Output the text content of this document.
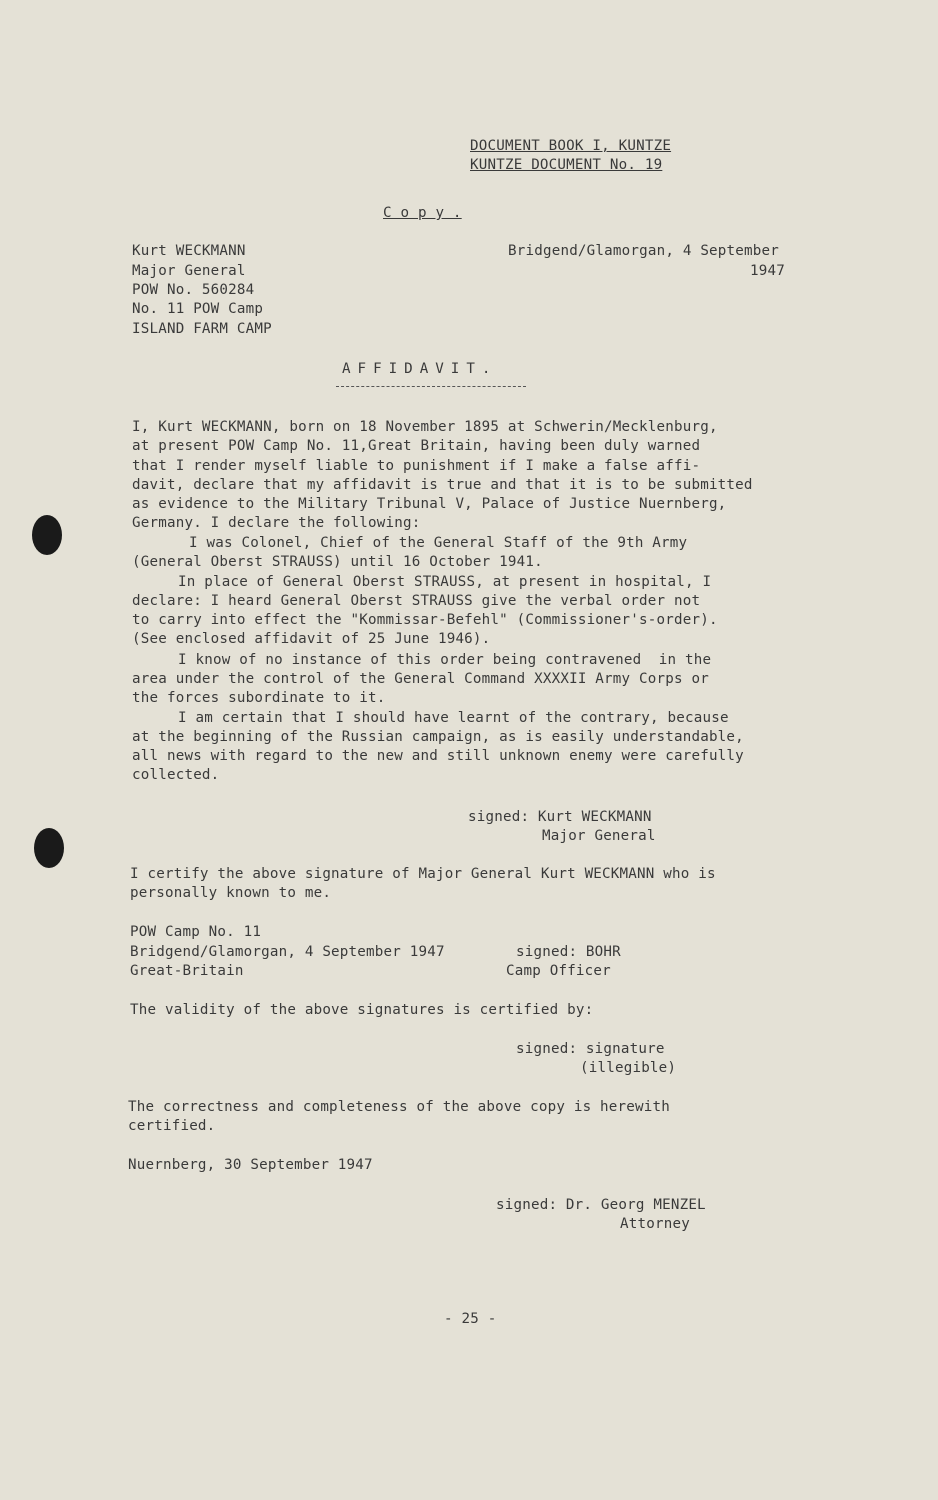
DOCUMENT BOOK I, KUNTZE
KUNTZE DOCUMENT No. 19
C o p y .
Kurt WECKMANN
Major General
POW No. 560284
No. 11 POW Camp
ISLAND FARM CAMP
Bridgend/Glamorgan, 4 September
1947
AFFIDAVIT.
I, Kurt WECKMANN, born on 18 November 1895 at Schwerin/Mecklenburg,
at present POW Camp No. 11,Great Britain, having been duly warned
that I render myself liable to punishment if I make a false affi-
davit, declare that my affidavit is true and that it is to be submitted
as evidence to the Military Tribunal V, Palace of Justice Nuernberg,
Germany. I declare the following:
I was Colonel, Chief of the General Staff of the 9th Army
(General Oberst STRAUSS) until 16 October 1941.
In place of General Oberst STRAUSS, at present in hospital, I
declare: I heard General Oberst STRAUSS give the verbal order not
to carry into effect the "Kommissar-Befehl" (Commissioner's-order).
(See enclosed affidavit of 25 June 1946).
I know of no instance of this order being contravened  in the
area under the control of the General Command XXXXII Army Corps or
the forces subordinate to it.
I am certain that I should have learnt of the contrary, because
at the beginning of the Russian campaign, as is easily understandable,
all news with regard to the new and still unknown enemy were carefully
collected.
signed: Kurt WECKMANN
Major General
I certify the above signature of Major General Kurt WECKMANN who is
personally known to me.
POW Camp No. 11
Bridgend/Glamorgan, 4 September 1947
Great-Britain
signed: BOHR
Camp Officer
The validity of the above signatures is certified by:
signed: signature
(illegible)
The correctness and completeness of the above copy is herewith
certified.
Nuernberg, 30 September 1947
signed: Dr. Georg MENZEL
Attorney
- 25 -
